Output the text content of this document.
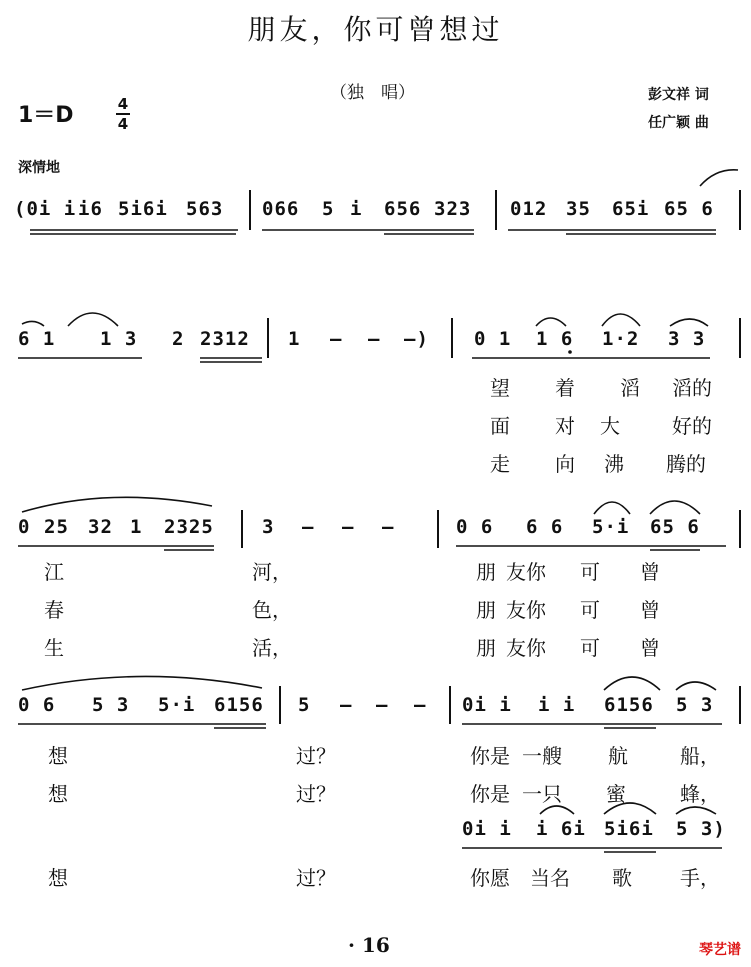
朋友，你可曾想过
（独　唱）	彭文祥 词
任广颖 曲
1＝D	4
4
深情地
(0i i i6 5i6i 563 066 5 i 656 323 012 35 65i 65 6
6 1 1 3 2 2312 1 – – –) 0 1 1 6 1·2 3 3
望 着 滔 滔的
面 对 大	好的
走 向 沸 腾的
0 25 32 1 2325	3 – – –	0 6 6 6 5·i 65 6
江	河，	朋 友你 可 曾
春	色，	朋 友你 可 曾
生	活，	朋 友你 可 曾
0 6 5 3 5·i 6156 5 – – – 0i i i i 6156 5 3
想	过？	你是 一艘 航	船，
想	过？	你是 一只 蜜	蜂，
0i i i 6i 5i6i 5 3)
想	过？	你愿 当名 歌 手，
· 16	琴艺谱
